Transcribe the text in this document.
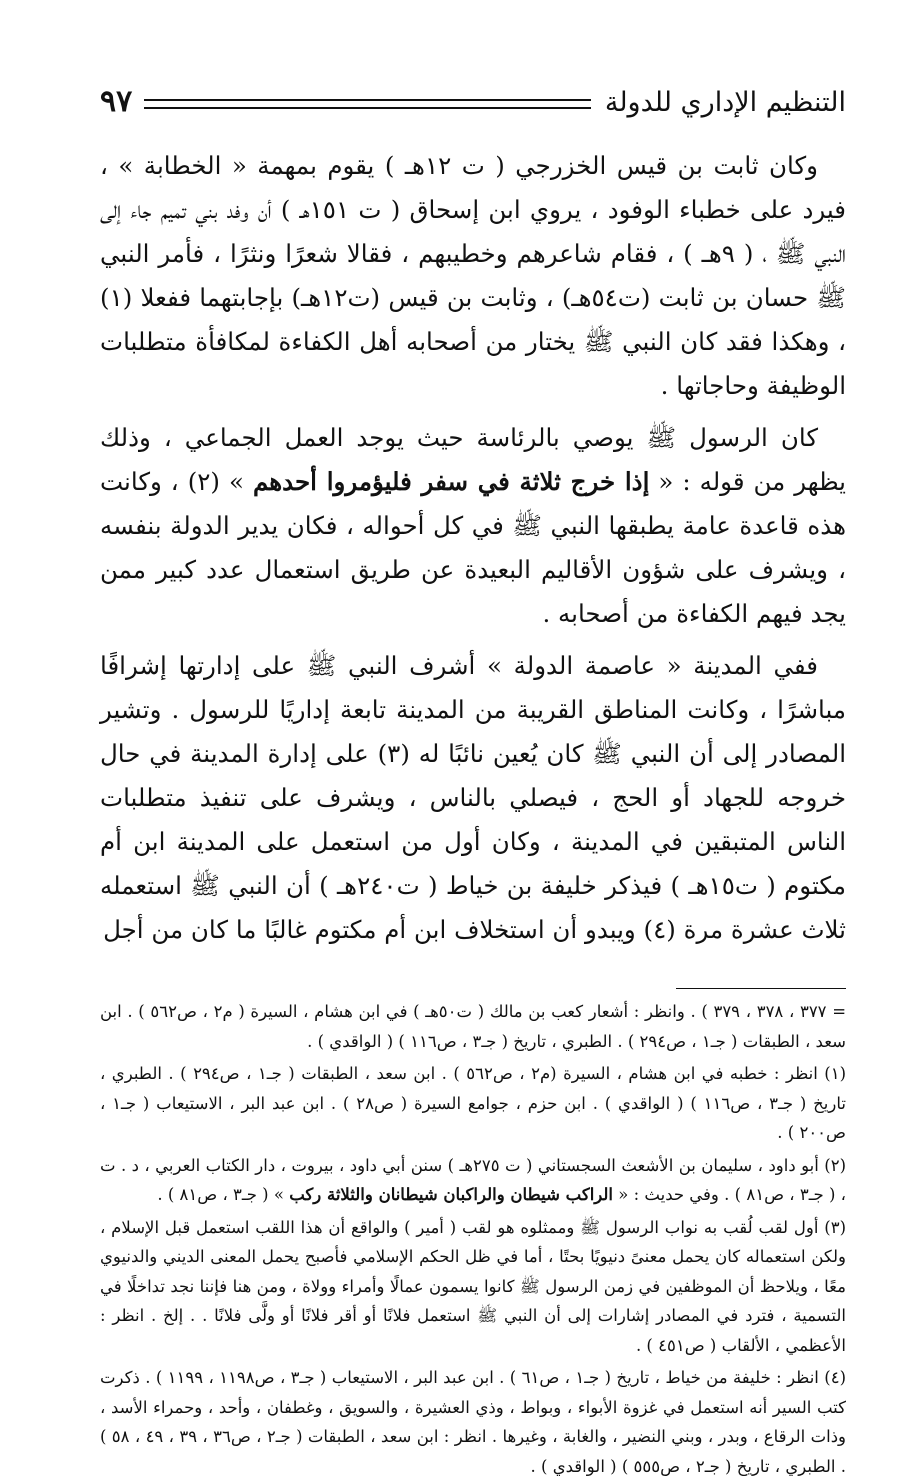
التنظيم الإداري للدولة
٩٧

وكان ثابت بن قيس الخزرجي ( ت ١٢هـ ) يقوم بمهمة « الخطابة » ، فيرد على خطباء الوفود ، يروي ابن إسحاق ( ت ١٥١هـ ) أن وفد بني تميم جاء إلى النبي ﷺ ، ( ٩هـ ) ، فقام شاعرهم وخطيبهم ، فقالا شعرًا ونثرًا ، فأمر النبي ﷺ حسان بن ثابت (ت٥٤هـ) ، وثابت بن قيس (ت١٢هـ) بإجابتهما ففعلا (١) ، وهكذا فقد كان النبي ﷺ يختار من أصحابه أهل الكفاءة لمكافأة متطلبات الوظيفة وحاجاتها .

كان الرسول ﷺ يوصي بالرئاسة حيث يوجد العمل الجماعي ، وذلك يظهر من قوله : « إذا خرج ثلاثة في سفر فليؤمروا أحدهم » (٢) ، وكانت هذه قاعدة عامة يطبقها النبي ﷺ في كل أحواله ، فكان يدير الدولة بنفسه ، ويشرف على شؤون الأقاليم البعيدة عن طريق استعمال عدد كبير ممن يجد فيهم الكفاءة من أصحابه .

ففي المدينة « عاصمة الدولة » أشرف النبي ﷺ على إدارتها إشرافًا مباشرًا ، وكانت المناطق القريبة من المدينة تابعة إداريًا للرسول . وتشير المصادر إلى أن النبي ﷺ كان يُعين نائبًا له (٣) على إدارة المدينة في حال خروجه للجهاد أو الحج ، فيصلي بالناس ، ويشرف على تنفيذ متطلبات الناس المتبقين في المدينة ، وكان أول من استعمل على المدينة ابن أم مكتوم ( ت١٥هـ ) فيذكر خليفة بن خياط ( ت٢٤٠هـ ) أن النبي ﷺ استعمله ثلاث عشرة مرة (٤) ويبدو أن استخلاف ابن أم مكتوم غالبًا ما كان من أجل

= ٣٧٧ ، ٣٧٨ ، ٣٧٩ ) . وانظر : أشعار كعب بن مالك ( ت٥٠هـ ) في ابن هشام ، السيرة ( م٢ ، ص٥٦٢ ) . ابن سعد ، الطبقات ( جـ١ ، ص٢٩٤ ) . الطبري ، تاريخ ( جـ٣ ، ص١١٦ ) ( الواقدي ) .

(١) انظر : خطبه في ابن هشام ، السيرة (م٢ ، ص٥٦٢ ) . ابن سعد ، الطبقات ( جـ١ ، ص٢٩٤ ) . الطبري ، تاريخ ( جـ٣ ، ص١١٦ ) ( الواقدي ) . ابن حزم ، جوامع السيرة ( ص٢٨ ) . ابن عبد البر ، الاستيعاب ( جـ١ ، ص٢٠٠ ) .

(٢) أبو داود ، سليمان بن الأشعث السجستاني ( ت ٢٧٥هـ ) سنن أبي داود ، بيروت ، دار الكتاب العربي ، د . ت ، ( جـ٣ ، ص٨١ ) . وفي حديث : « الراكب شيطان والراكبان شيطانان والثلاثة ركب » ( جـ٣ ، ص٨١ ) .

(٣) أول لقب لُقب به نواب الرسول ﷺ وممثلوه هو لقب ( أمير ) والواقع أن هذا اللقب استعمل قبل الإسلام ، ولكن استعماله كان يحمل معنىً دنيويًا بحتًا ، أما في ظل الحكم الإسلامي فأصبح يحمل المعنى الديني والدنيوي معًا ، ويلاحظ أن الموظفين في زمن الرسول ﷺ كانوا يسمون عمالًا وأمراء وولاة ، ومن هنا فإننا نجد تداخلًا في التسمية ، فترد في المصادر إشارات إلى أن النبي ﷺ استعمل فلانًا أو أقر فلانًا أو ولَّى فلانًا . . إلخ . انظر : الأعظمي ، الألقاب ( ص٤٥١ ) .

(٤) انظر : خليفة من خياط ، تاريخ ( جـ١ ، ص٦١ ) . ابن عبد البر ، الاستيعاب ( جـ٣ ، ص١١٩٨ ، ١١٩٩ ) . ذكرت كتب السير أنه استعمل في غزوة الأبواء ، وبواط ، وذي العشيرة ، والسويق ، وغطفان ، وأحد ، وحمراء الأسد ، وذات الرقاع ، وبدر ، وبني النضير ، والغابة ، وغيرها . انظر : ابن سعد ، الطبقات ( جـ٢ ، ص٣٦ ، ٣٩ ، ٤٩ ، ٥٨ ) . الطبري ، تاريخ ( جـ٢ ، ص٥٥٥ ) ( الواقدي ) .
